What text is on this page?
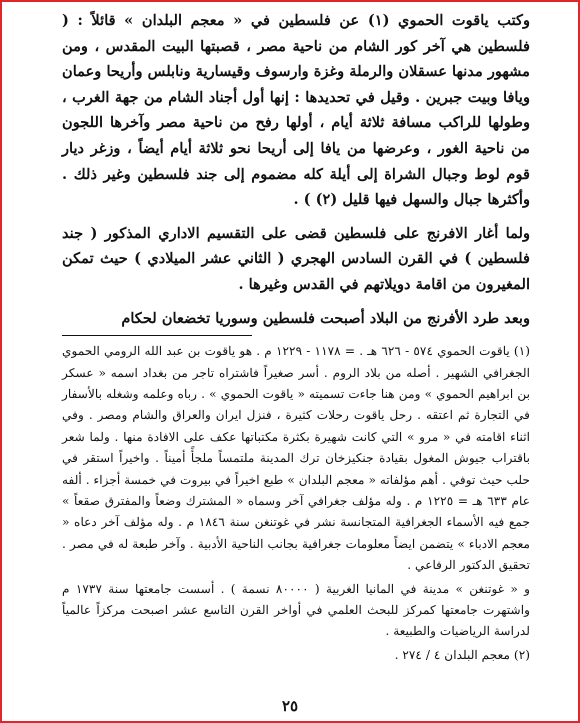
وكتب ياقوت الحموي (١) عن فلسطين في « معجم البلدان » قائلاً : ( فلسطين هي آخر كور الشام من ناحية مصر ، قصبتها البيت المقدس ، ومن مشهور مدنها عسقلان والرملة وغزة وارسوف وقيسارية ونابلس وأريحا وعمان ويافا وبيت جبرين . وقيل في تحديدها : إنها أول أجناد الشام من جهة الغرب ، وطولها للراكب مسافة ثلاثة أيام ، أولها رفح من ناحية مصر وآخرها اللجون من ناحية الغور ، وعرضها من يافا إلى أريحا نحو ثلاثة أيام أيضاً ، وزغر ديار قوم لوط وجبال الشراة إلى أيلة كله مضموم إلى جند فلسطين وغير ذلك . وأكثرها جبال والسهل فيها قليل (٢) ) .

ولما أغار الافرنج على فلسطين قضى على التقسيم الاداري المذكور ( جند فلسطين ) في القرن السادس الهجري ( الثاني عشر الميلادي ) حيث تمكن المغيرون من اقامة دويلاتهم في القدس وغيرها .

وبعد طرد الأفرنج من البلاد أصبحت فلسطين وسوريا تخضعان لحكام

(١) ياقوت الحموي ٥٧٤ - ٦٢٦ هـ . = ١١٧٨ - ١٢٢٩ م . هو ياقوت بن عبد الله الرومي الحموي الجغرافي الشهير . أصله من بلاد الروم . أسر صغيراً فاشتراه تاجر من بغداد اسمه « عسكر بن ابراهيم الحموي » ومن هنا جاءت تسميته « ياقوت الحموي » . رباه وعلمه وشغله بالأسفار في التجارة ثم اعتقه . رحل ياقوت رحلات كثيرة ، فنزل ايران والعراق والشام ومصر . وفي اثناء اقامته في « مرو » التي كانت شهيرة بكثرة مكتباتها عكف على الافادة منها . ولما شعر باقتراب جيوش المغول بقيادة جنكيزخان ترك المدينة ملتمساً ملجأً أميناً . واخيراً استقر في حلب حيث توفي . أهم مؤلفاته « معجم البلدان » طبع اخيراً في بيروت في خمسة أجزاء . ألفه عام ٦٣٣ هـ = ١٢٢٥ م . وله مؤلف جغرافي آخر وسماه « المشترك وضعاً والمفترق صقعاً » جمع فيه الأسماء الجغرافية المتجانسة نشر في غوتنغن سنة ١٨٤٦ م . وله مؤلف آخر دعاه « معجم الادباء » يتضمن ايضاً معلومات جغرافية بجانب الناحية الأدبية . وآخر طبعة له في مصر . تحقيق الدكتور الرفاعي .

و « غوتنغن » مدينة في المانيا الغربية ( ٨٠٠٠٠ نسمة ) . أسست جامعتها سنة ١٧٣٧ م واشتهرت جامعتها كمركز للبحث العلمي في أواخر القرن التاسع عشر اصبحت مركزاً عالمياً لدراسة الرياضيات والطبيعة .

(٢) معجم البلدان ٤ / ٢٧٤ .

٢٥
